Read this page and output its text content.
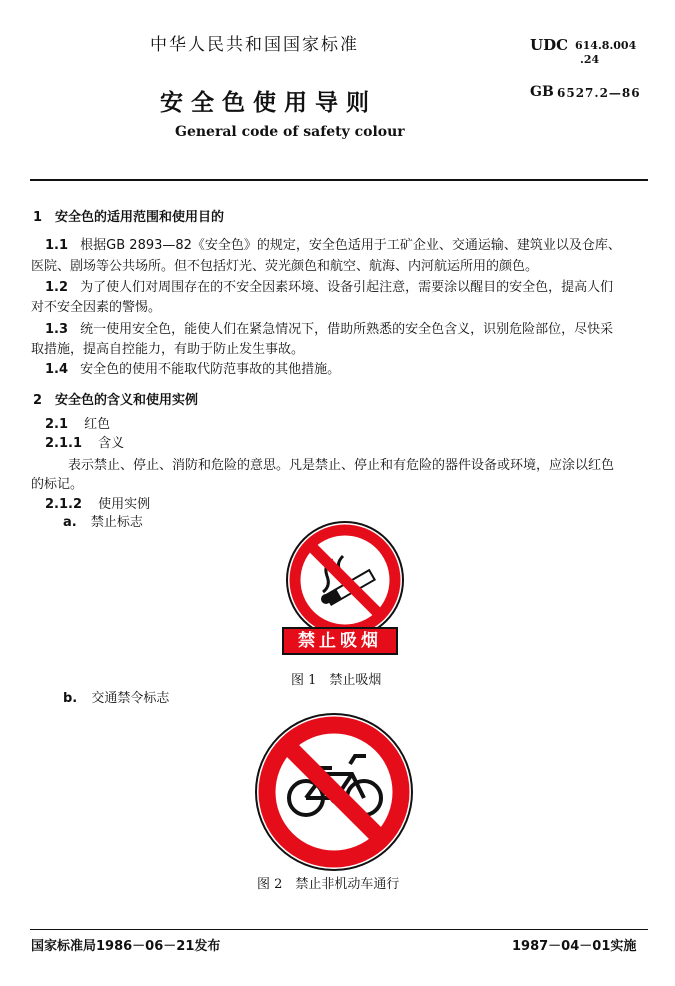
中华人民共和国国家标准	UDC 614.8.004
.24
安全色使用导则	GB 6527.2—86
General code of safety colour
1　安全色的适用范围和使用目的
1.1 根据GB 2893—82《安全色》的规定，安全色适用于工矿企业、交通运输、建筑业以及仓库、
医院、剧场等公共场所。但不包括灯光、荧光颜色和航空、航海、内河航运所用的颜色。
1.2 为了使人们对周围存在的不安全因素环境、设备引起注意，需要涂以醒目的安全色，提高人们
对不安全因素的警惕。
1.3 统一使用安全色，能使人们在紧急情况下，借助所熟悉的安全色含义，识别危险部位，尽快采
取措施，提高自控能力，有助于防止发生事故。
1.4 安全色的使用不能取代防范事故的其他措施。
2　安全色的含义和使用实例
2.1 红色
2.1.1 含义
表示禁止、停止、消防和危险的意思。凡是禁止、停止和有危险的器件设备或环境，应涂以红色
的标记。
2.1.2 使用实例
a. 禁止标志
禁止吸烟
图 1　禁止吸烟
b. 交通禁令标志
图 2　禁止非机动车通行
国家标准局1986－06－21发布	1987－04－01实施
